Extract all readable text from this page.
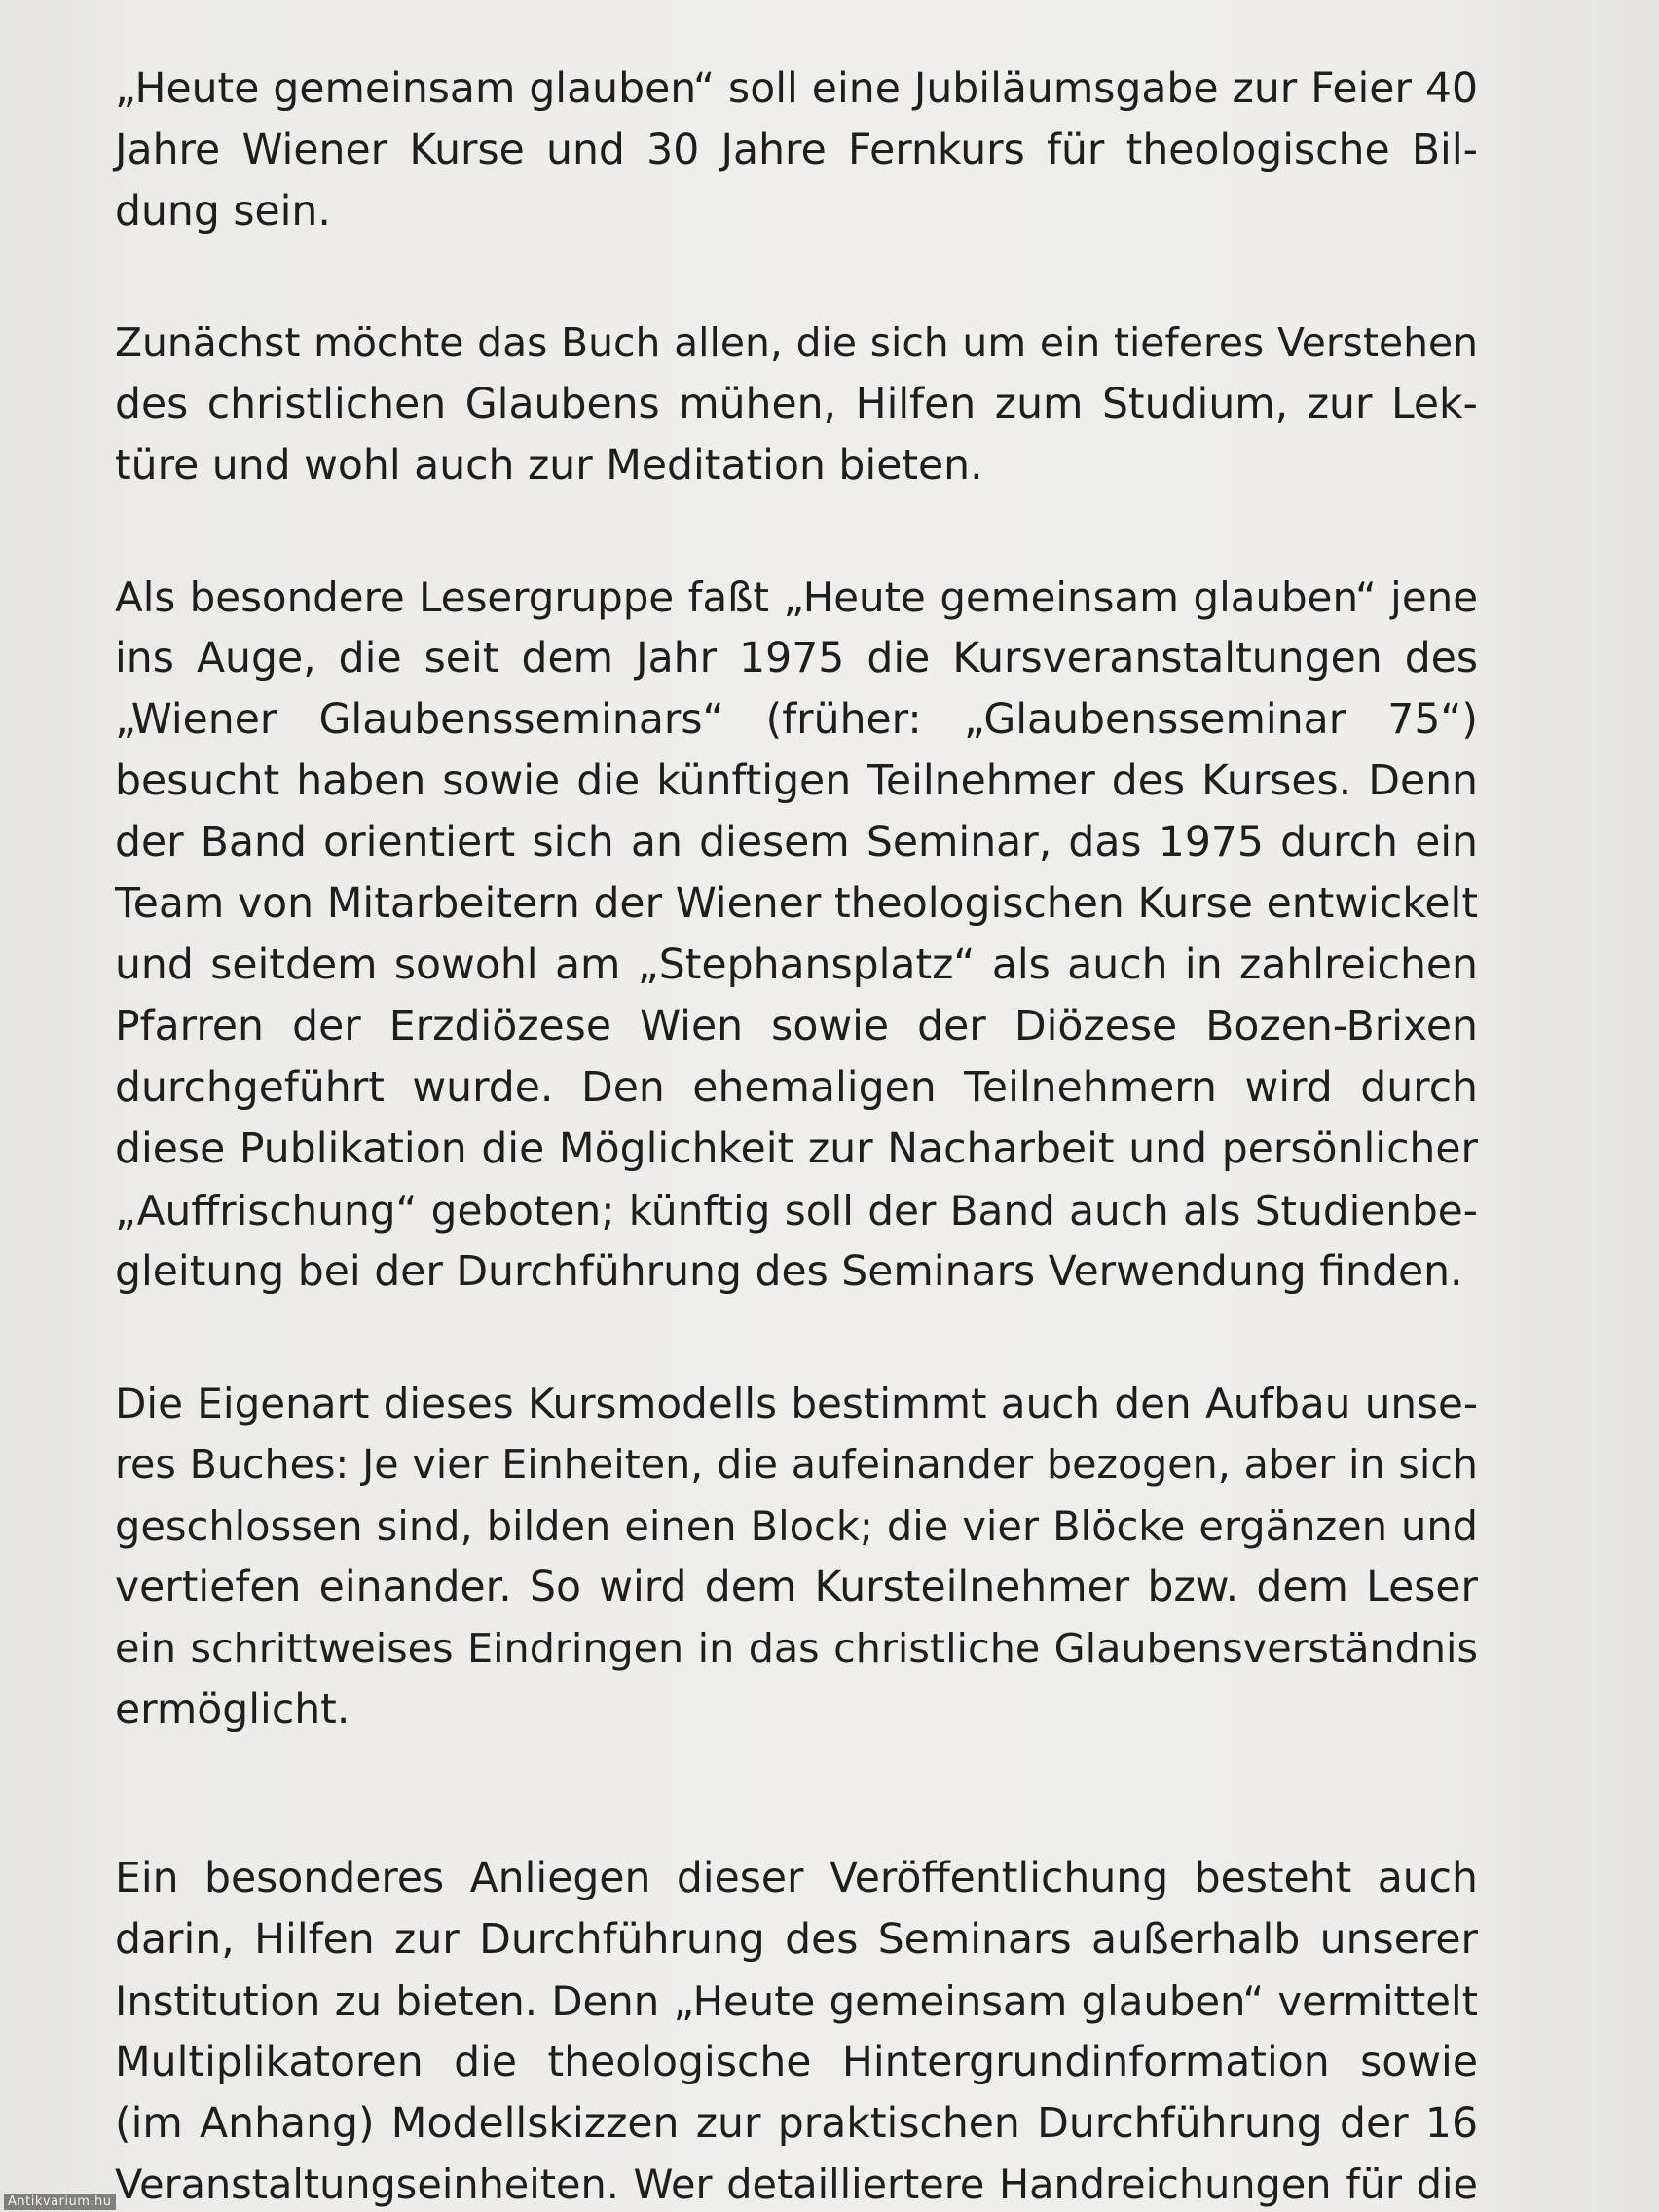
„Heute gemeinsam glauben“ soll eine Jubiläumsgabe zur Feier 40
Jahre Wiener Kurse und 30 Jahre Fernkurs für theologische Bil-
dung sein.
Zunächst möchte das Buch allen, die sich um ein tieferes Verstehen
des christlichen Glaubens mühen, Hilfen zum Studium, zur Lek-
türe und wohl auch zur Meditation bieten.
Als besondere Lesergruppe faßt „Heute gemeinsam glauben“ jene
ins Auge, die seit dem Jahr 1975 die Kursveranstaltungen des
„Wiener Glaubensseminars“ (früher: „Glaubensseminar 75“)
besucht haben sowie die künftigen Teilnehmer des Kurses. Denn
der Band orientiert sich an diesem Seminar, das 1975 durch ein
Team von Mitarbeitern der Wiener theologischen Kurse entwickelt
und seitdem sowohl am „Stephansplatz“ als auch in zahlreichen
Pfarren der Erzdiözese Wien sowie der Diözese Bozen-Brixen
durchgeführt wurde. Den ehemaligen Teilnehmern wird durch
diese Publikation die Möglichkeit zur Nacharbeit und persönlicher
„Auffrischung“ geboten; künftig soll der Band auch als Studienbe-
gleitung bei der Durchführung des Seminars Verwendung finden.
Die Eigenart dieses Kursmodells bestimmt auch den Aufbau unse-
res Buches: Je vier Einheiten, die aufeinander bezogen, aber in sich
geschlossen sind, bilden einen Block; die vier Blöcke ergänzen und
vertiefen einander. So wird dem Kursteilnehmer bzw. dem Leser
ein schrittweises Eindringen in das christliche Glaubensverständnis
ermöglicht.
Ein besonderes Anliegen dieser Veröffentlichung besteht auch
darin, Hilfen zur Durchführung des Seminars außerhalb unserer
Institution zu bieten. Denn „Heute gemeinsam glauben“ vermittelt
Multiplikatoren die theologische Hintergrundinformation sowie
(im Anhang) Modellskizzen zur praktischen Durchführung der 16
Veranstaltungseinheiten. Wer detailliertere Handreichungen für die
Antikvarium.hu
